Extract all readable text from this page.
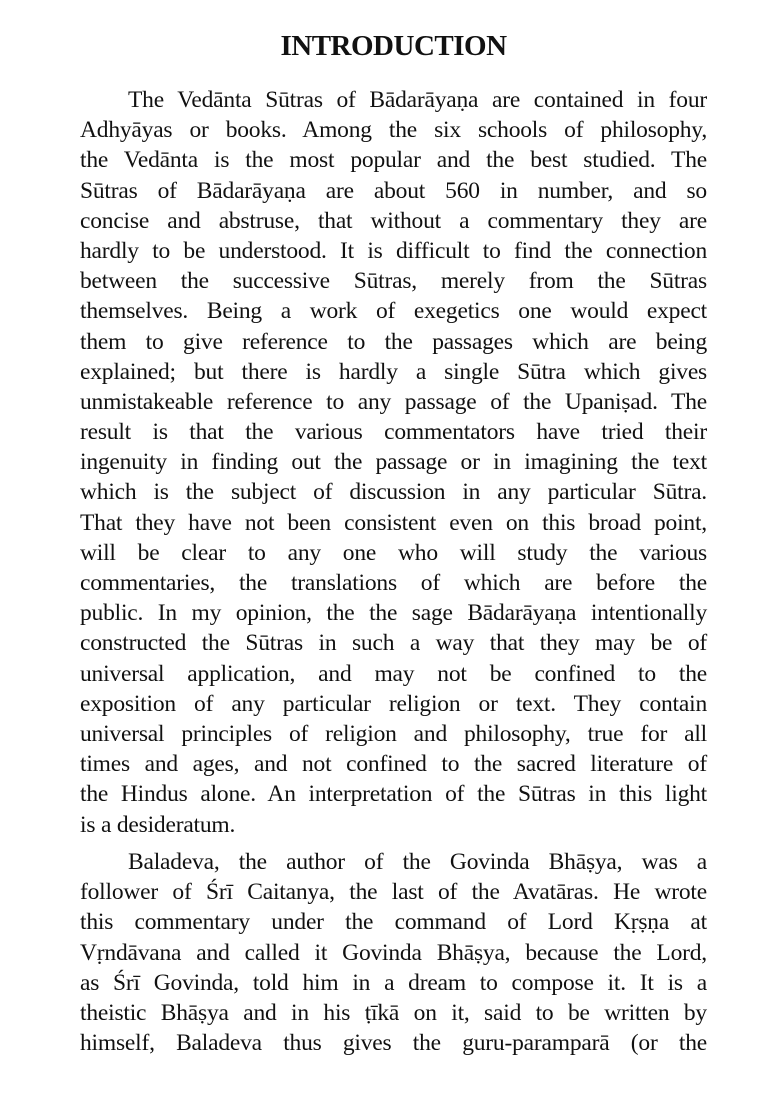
INTRODUCTION
The Vedānta Sūtras of Bādarāyaṇa are contained in four
Adhyāyas or books. Among the six schools of philosophy,
the Vedānta is the most popular and the best studied. The
Sūtras of Bādarāyaṇa are about 560 in number, and so
concise and abstruse, that without a commentary they are
hardly to be understood. It is difficult to find the connection
between the successive Sūtras, merely from the Sūtras
themselves. Being a work of exegetics one would expect
them to give reference to the passages which are being
explained; but there is hardly a single Sūtra which gives
unmistakeable reference to any passage of the Upaniṣad. The
result is that the various commentators have tried their
ingenuity in finding out the passage or in imagining the text
which is the subject of discussion in any particular Sūtra.
That they have not been consistent even on this broad point,
will be clear to any one who will study the various
commentaries, the translations of which are before the
public. In my opinion, the the sage Bādarāyaṇa intentionally
constructed the Sūtras in such a way that they may be of
universal application, and may not be confined to the
exposition of any particular religion or text. They contain
universal principles of religion and philosophy, true for all
times and ages, and not confined to the sacred literature of
the Hindus alone. An interpretation of the Sūtras in this light
is a desideratum.
Baladeva, the author of the Govinda Bhāṣya, was a
follower of Śrī Caitanya, the last of the Avatāras. He wrote
this commentary under the command of Lord Kṛṣṇa at
Vṛndāvana and called it Govinda Bhāṣya, because the Lord,
as Śrī Govinda, told him in a dream to compose it. It is a
theistic Bhāṣya and in his ṭīkā on it, said to be written by
himself, Baladeva thus gives the guru-paramparā (or the
